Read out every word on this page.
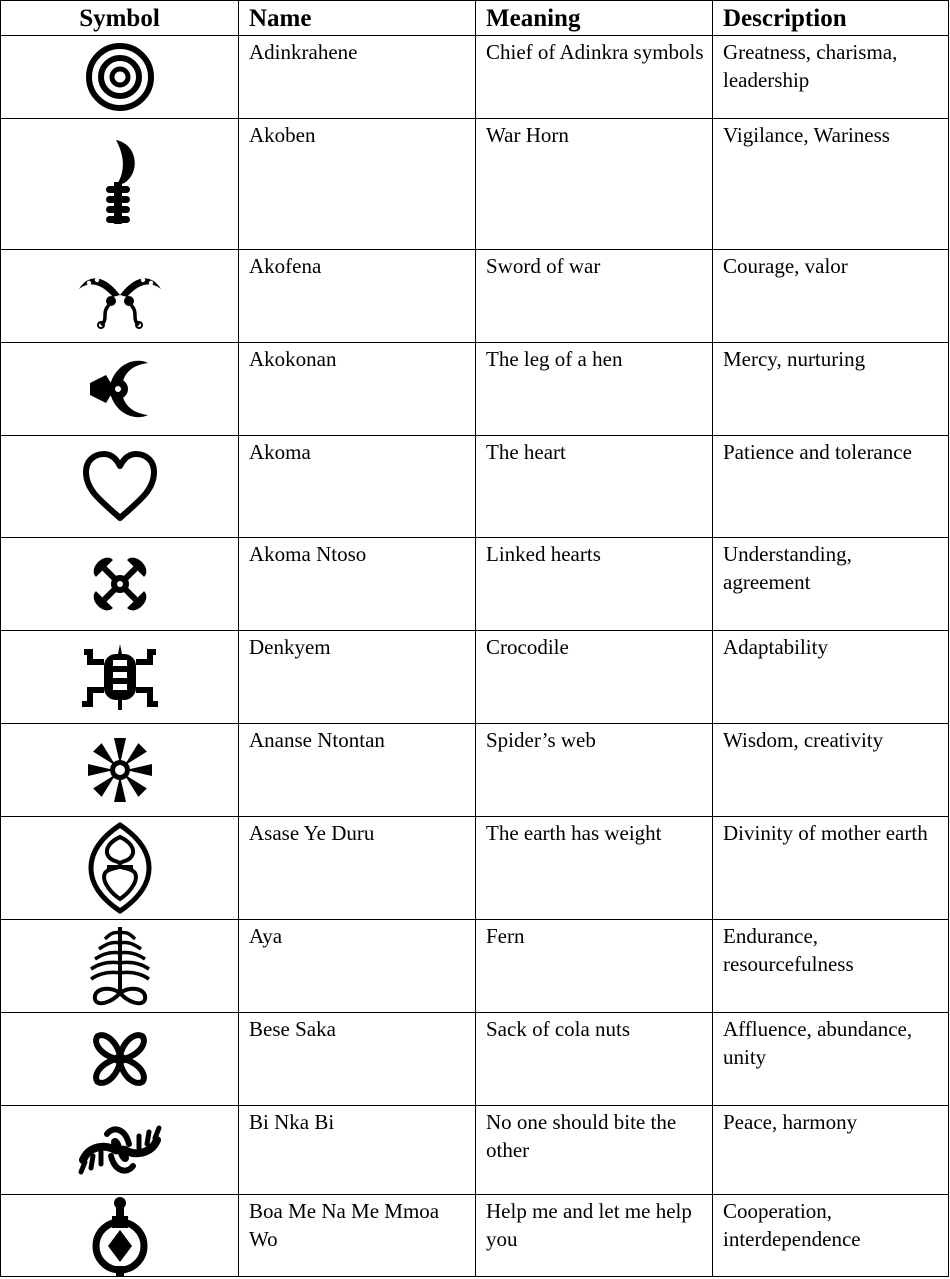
Symbol	Name	Meaning	Description

	Adinkrahene	Chief of Adinkra symbols	Greatness, charisma, leadership

	Akoben	War Horn	Vigilance, Wariness

	Akofena	Sword of war	Courage, valor

	Akokonan	The leg of a hen	Mercy, nurturing

	Akoma	The heart	Patience and tolerance

	Akoma Ntoso	Linked hearts	Understanding, agreement

	Denkyem	Crocodile	Adaptability

	Ananse Ntontan	Spider’s web	Wisdom, creativity

	Asase Ye Duru	The earth has weight	Divinity of mother earth

	Aya	Fern	Endurance, resourcefulness

	Bese Saka	Sack of cola nuts	Affluence, abundance, unity

	Bi Nka Bi	No one should bite the other	Peace, harmony

	Boa Me Na Me Mmoa Wo	Help me and let me help you	Cooperation, interdependence
